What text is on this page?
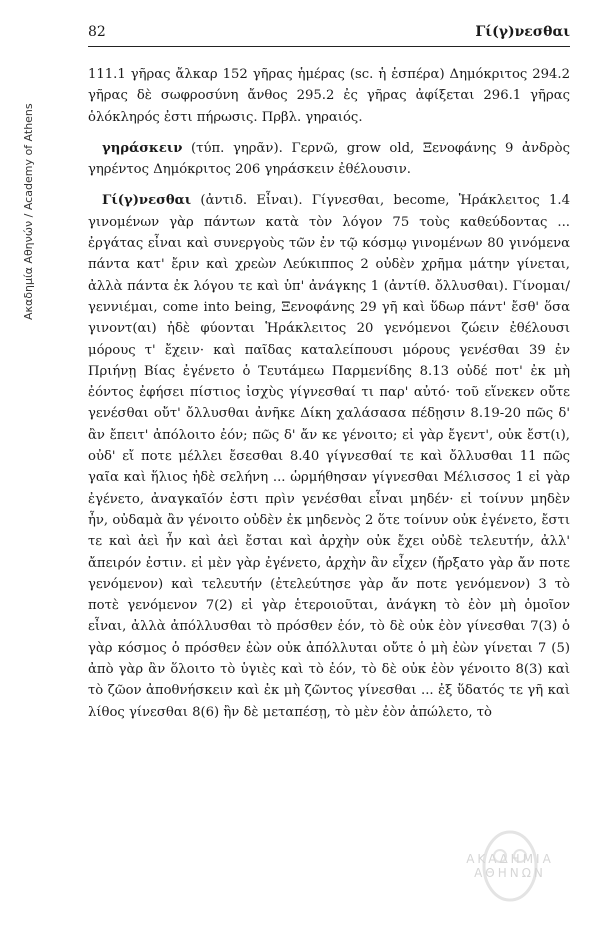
Ακαδημία Αθηνών / Academy of Athens
82	Γί(γ)νεσθαι

111.1 γῆρας ἄλκαρ 152 γῆρας ἡμέρας (sc. ἡ ἑσπέρα) Δημόκριτος 294.2 γῆρας δὲ σωφροσύνη ἄνθος 295.2 ἐς γῆρας ἀφίξεται 296.1 γῆρας ὁλόκληρός ἐστι πήρωσις. Πρβλ. γηραιός.

γηράσκειν (τύπ. γηρᾶν). Γερνῶ, grow old, Ξενοφάνης 9 ἀνδρὸς γηρέντος Δημόκριτος 206 γηράσκειν ἐθέλουσιν.

Γί(γ)νεσθαι (ἀντιδ. Εἶναι). Γίγνεσθαι, become, Ἡράκλειτος 1.4 γινομένων γὰρ πάντων κατὰ τὸν λόγον 75 τοὺς καθεύδοντας ... ἐργάτας εἶναι καὶ συνεργοὺς τῶν ἐν τῷ κόσμῳ γινομένων 80 γινόμενα πάντα κατ' ἔριν καὶ χρεὼν Λεύκιππος 2 οὐδὲν χρῆμα μάτην γίνεται, ἀλλὰ πάντα ἐκ λόγου τε καὶ ὑπ' ἀνάγκης 1 (ἀντίθ. ὄλλυσθαι). Γίνομαι/γεννιέμαι, come into being, Ξενοφάνης 29 γῆ καὶ ὕδωρ πάντ' ἔσθ' ὅσα γινοντ(αι) ἠδὲ φύονται Ἡράκλειτος 20 γενόμενοι ζώειν ἐθέλουσι μόρους τ' ἔχειν· καὶ παῖδας καταλείπουσι μόρους γενέσθαι 39 ἐν Πριήνῃ Βίας ἐγένετο ὁ Τευτάμεω Παρμενίδης 8.13 οὐδέ ποτ' ἐκ μὴ ἐόντος ἐφήσει πίστιος ἰσχὺς γίγνεσθαί τι παρ' αὐτό· τοῦ εἵνεκεν οὔτε γενέσθαι οὔτ' ὄλλυσθαι ἀνῆκε Δίκη χαλάσασα πέδῃσιν 8.19-20 πῶς δ' ἂν ἔπειτ' ἀπόλοιτο ἐόν; πῶς δ' ἄν κε γένοιτο; εἰ γὰρ ἔγεντ', οὐκ ἔστ(ι), οὐδ' εἴ ποτε μέλλει ἔσεσθαι 8.40 γίγνεσθαί τε καὶ ὄλλυσθαι 11 πῶς γαῖα καὶ ἥλιος ἠδὲ σελήνη ... ὡρμήθησαν γίγνεσθαι Μέλισσος 1 εἰ γὰρ ἐγένετο, ἀναγκαῖόν ἐστι πρὶν γενέσθαι εἶναι μηδέν· εἰ τοίνυν μηδὲν ἦν, οὐδαμὰ ἂν γένοιτο οὐδὲν ἐκ μηδενὸς 2 ὅτε τοίνυν οὐκ ἐγένετο, ἔστι τε καὶ ἀεὶ ἦν καὶ ἀεὶ ἔσται καὶ ἀρχὴν οὐκ ἔχει οὐδὲ τελευτήν, ἀλλ' ἄπειρόν ἐστιν. εἰ μὲν γὰρ ἐγένετο, ἀρχὴν ἂν εἶχεν (ἤρξατο γὰρ ἄν ποτε γενόμενον) καὶ τελευτήν (ἐτελεύτησε γὰρ ἄν ποτε γενόμενον) 3 τὸ ποτὲ γενόμενον 7(2) εἰ γὰρ ἑτεροιοῦται, ἀνάγκη τὸ ἐὸν μὴ ὁμοῖον εἶναι, ἀλλὰ ἀπόλλυσθαι τὸ πρόσθεν ἐόν, τὸ δὲ οὐκ ἐὸν γίνεσθαι 7(3) ὁ γὰρ κόσμος ὁ πρόσθεν ἐὼν οὐκ ἀπόλλυται οὔτε ὁ μὴ ἐὼν γίνεται 7 (5) ἀπὸ γὰρ ἂν ὅλοιτο τὸ ὑγιὲς καὶ τὸ ἐόν, τὸ δὲ οὐκ ἐὸν γένοιτο 8(3) καὶ τὸ ζῶον ἀποθνήσκειν καὶ ἐκ μὴ ζῶντος γίνεσθαι ... ἐξ ὕδατός τε γῆ καὶ λίθος γίνεσθαι 8(6) ἢν δὲ μεταπέσῃ, τὸ μὲν ἐὸν ἀπώλετο, τὸ

ΑΚΑΔΗΜΙΑ ΑΘΗΝΩΝ
